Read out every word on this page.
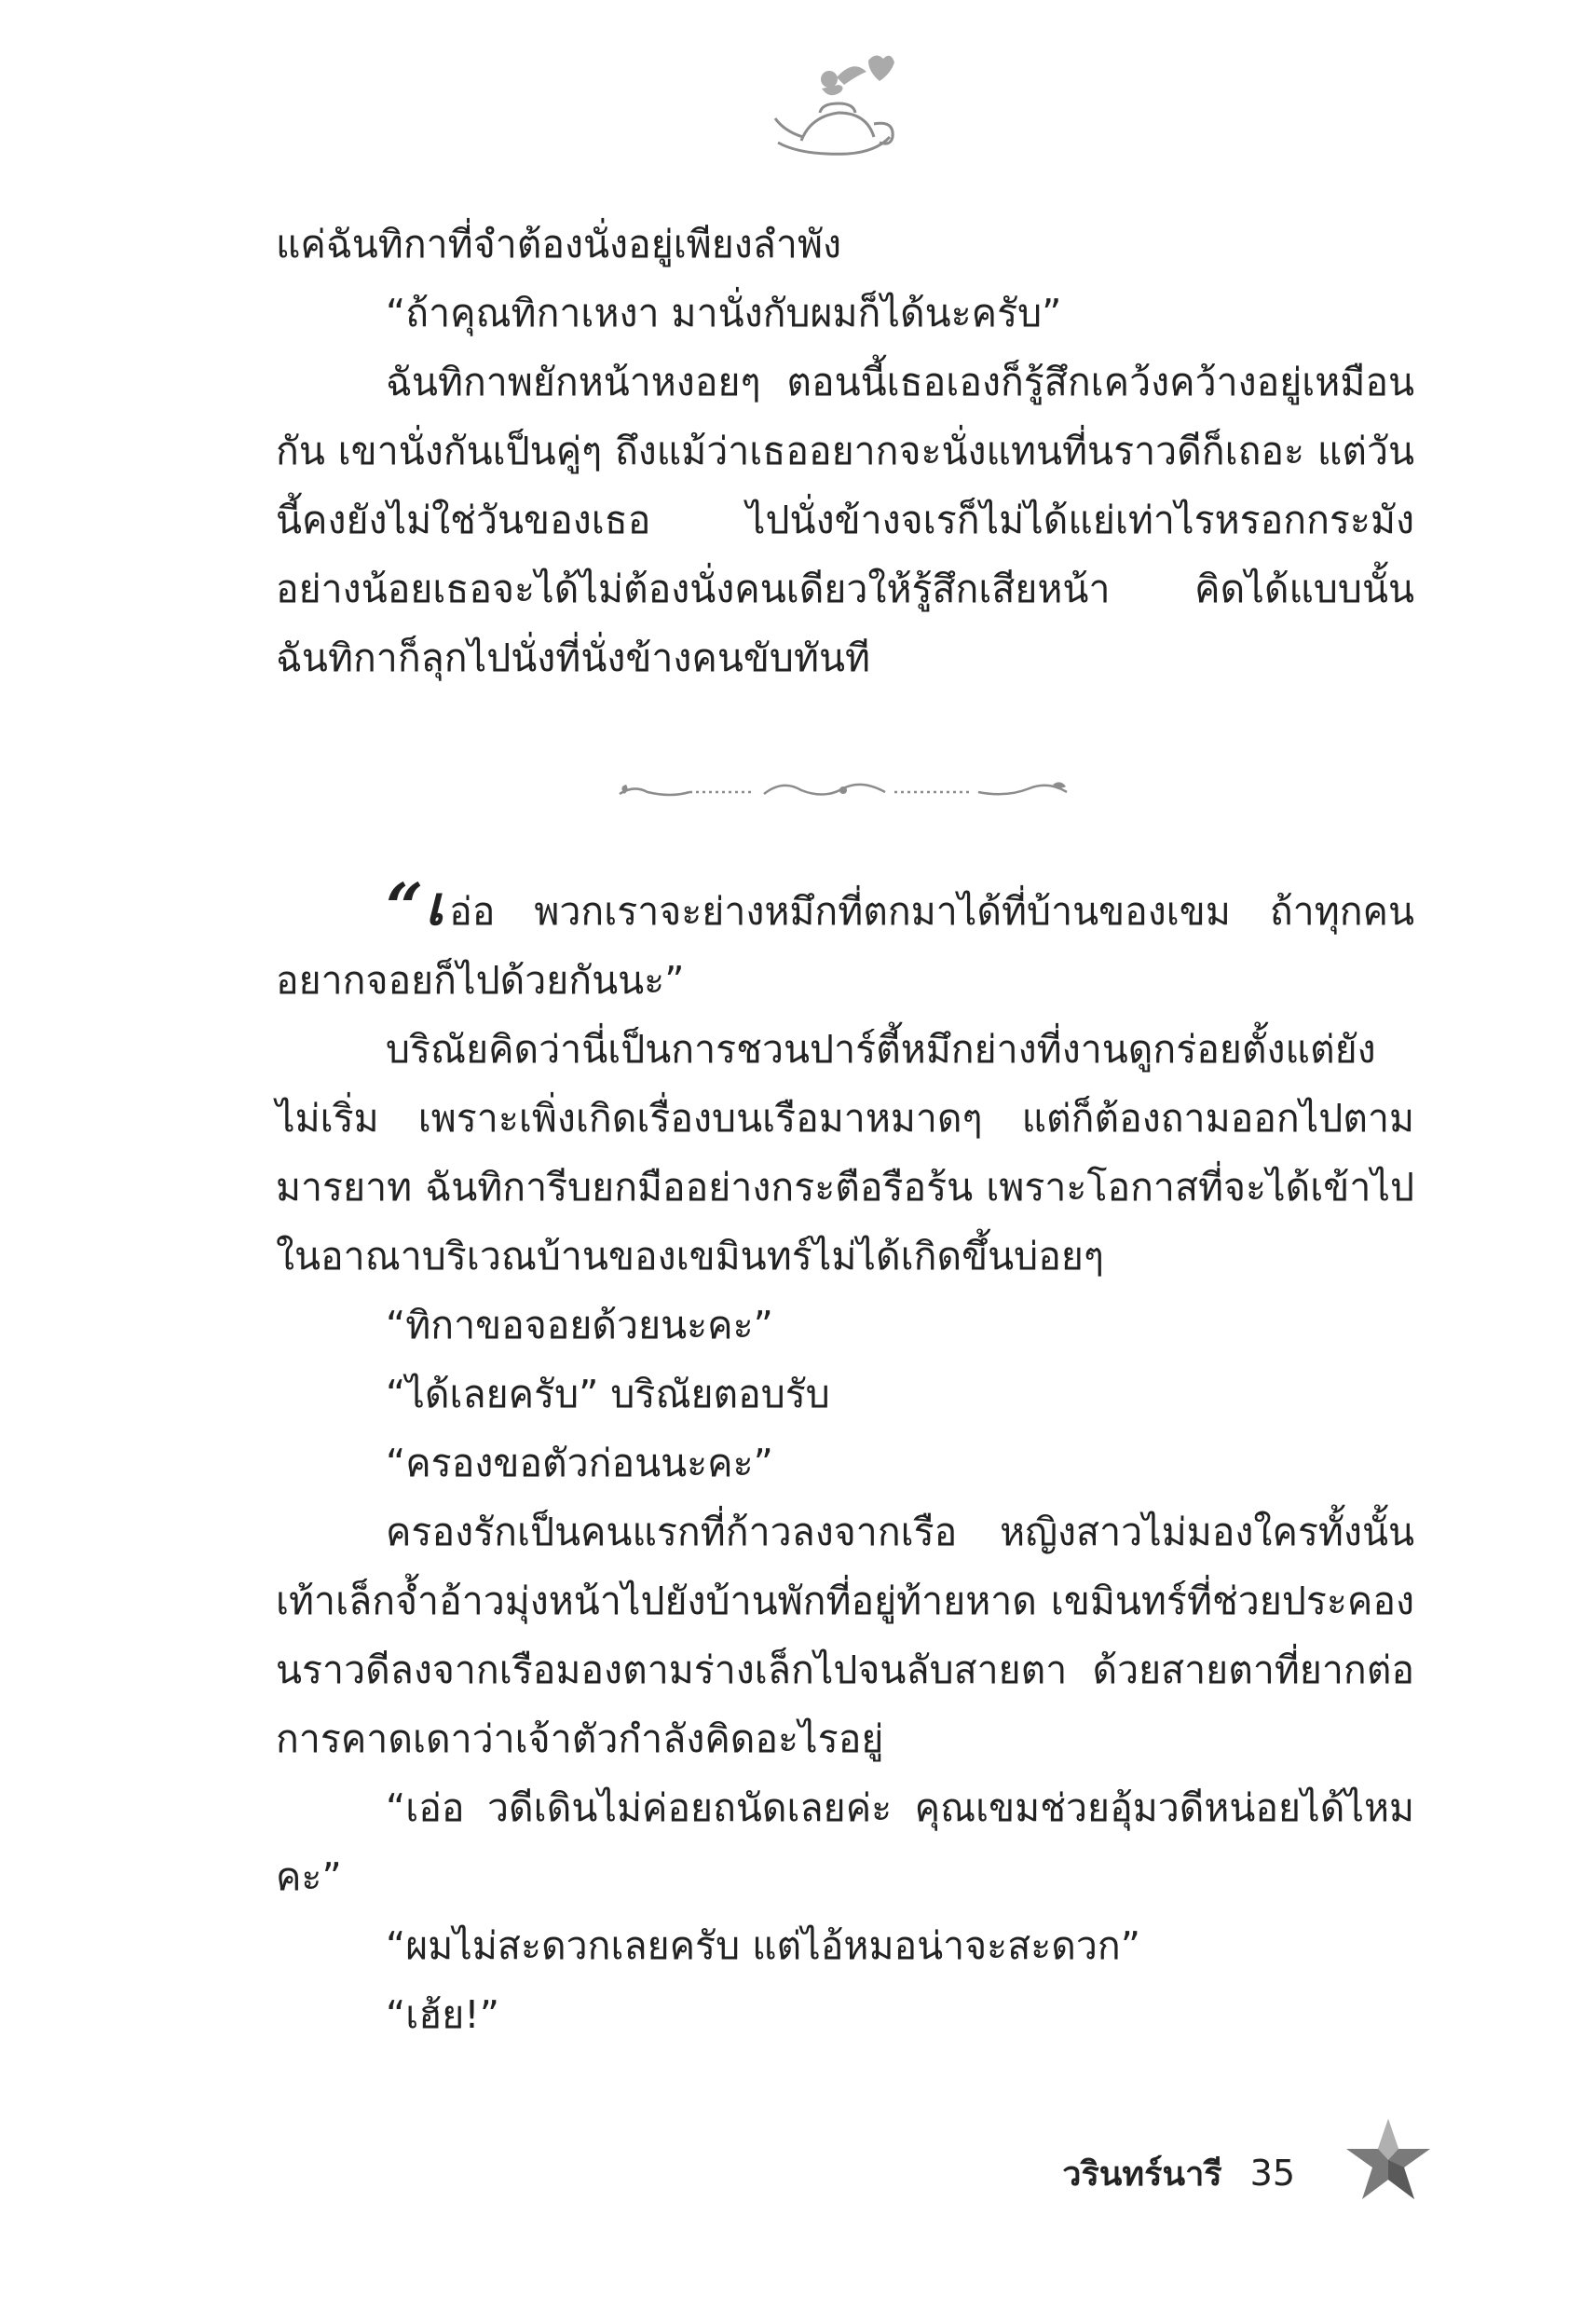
แค่ฉันทิกาที่จำต้องนั่งอยู่เพียงลำพัง

“ถ้าคุณทิกาเหงา มานั่งกับผมก็ได้นะครับ”

ฉันทิกาพยักหน้าหงอยๆ ตอนนี้เธอเองก็รู้สึกเคว้งคว้างอยู่เหมือนกัน เขานั่งกันเป็นคู่ๆ ถึงแม้ว่าเธออยากจะนั่งแทนที่นราวดีก็เถอะ แต่วันนี้คงยังไม่ใช่วันของเธอ ไปนั่งข้างจเรก็ไม่ได้แย่เท่าไรหรอกกระมัง อย่างน้อยเธอจะได้ไม่ต้องนั่งคนเดียวให้รู้สึกเสียหน้า คิดได้แบบนั้น ฉันทิกาก็ลุกไปนั่งที่นั่งข้างคนขับทันที

“เ อ่อ พวกเราจะย่างหมึกที่ตกมาได้ที่บ้านของเขม ถ้าทุกคนอยากจอยก็ไปด้วยกันนะ”

บริณัยคิดว่านี่เป็นการชวนปาร์ตี้หมึกย่างที่งานดูกร่อยตั้งแต่ยังไม่เริ่ม เพราะเพิ่งเกิดเรื่องบนเรือมาหมาดๆ แต่ก็ต้องถามออกไปตามมารยาท ฉันทิการีบยกมืออย่างกระตือรือร้น เพราะโอกาสที่จะได้เข้าไปในอาณาบริเวณบ้านของเขมินทร์ไม่ได้เกิดขึ้นบ่อยๆ

“ทิกาขอจอยด้วยนะคะ”

“ได้เลยครับ” บริณัยตอบรับ

“ครองขอตัวก่อนนะคะ”

ครองรักเป็นคนแรกที่ก้าวลงจากเรือ หญิงสาวไม่มองใครทั้งนั้น เท้าเล็กจ้ำอ้าวมุ่งหน้าไปยังบ้านพักที่อยู่ท้ายหาด เขมินทร์ที่ช่วยประคองนราวดีลงจากเรือมองตามร่างเล็กไปจนลับสายตา ด้วยสายตาที่ยากต่อการคาดเดาว่าเจ้าตัวกำลังคิดอะไรอยู่

“เอ่อ วดีเดินไม่ค่อยถนัดเลยค่ะ คุณเขมช่วยอุ้มวดีหน่อยได้ไหมคะ”

“ผมไม่สะดวกเลยครับ แต่ไอ้หมอน่าจะสะดวก”

“เฮ้ย!”

วรินทร์นารี 35
